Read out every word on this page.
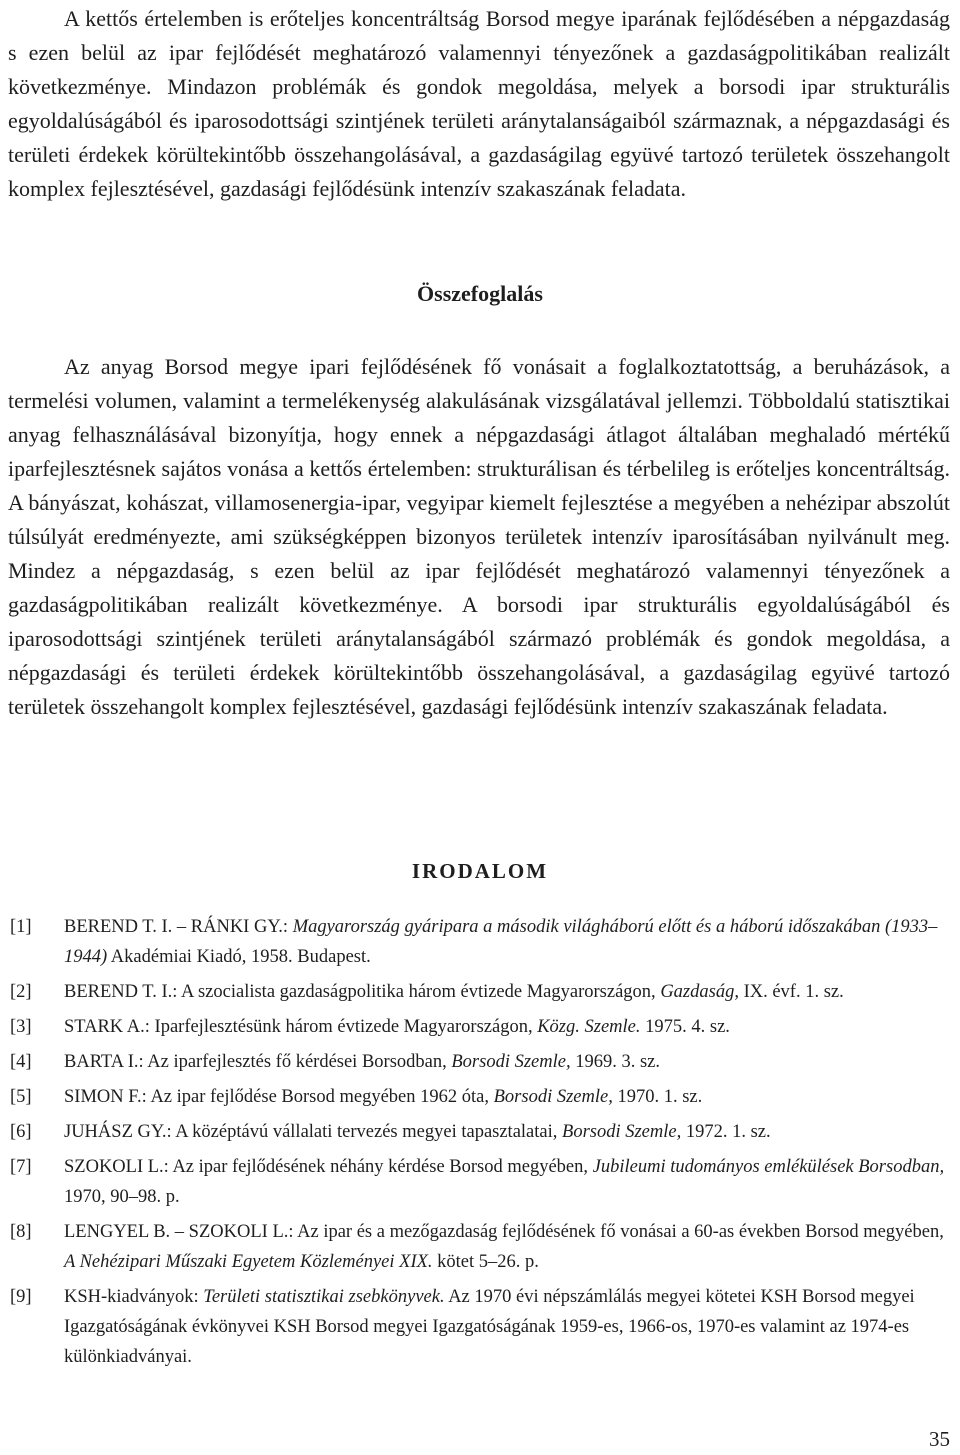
A kettős értelemben is erőteljes koncentráltság Borsod megye iparának fejlődésében a népgazdaság s ezen belül az ipar fejlődését meghatározó valamennyi tényezőnek a gazdaságpolitikában realizált következménye. Mindazon problémák és gondok megoldása, melyek a borsodi ipar strukturális egyoldalúságából és iparosodottsági szintjének területi aránytalanságaiból származnak, a népgazdasági és területi érdekek körültekintőbb összehangolásával, a gazdaságilag együvé tartozó területek összehangolt komplex fejlesztésével, gazdasági fejlődésünk intenzív szakaszának feladata.

Összefoglalás

Az anyag Borsod megye ipari fejlődésének fő vonásait a foglalkoztatottság, a beruházások, a termelési volumen, valamint a termelékenység alakulásának vizsgálatával jellemzi. Többoldalú statisztikai anyag felhasználásával bizonyítja, hogy ennek a népgazdasági átlagot általában meghaladó mértékű iparfejlesztésnek sajátos vonása a kettős értelemben: strukturálisan és térbelileg is erőteljes koncentráltság. A bányászat, kohászat, villamosenergia-ipar, vegyipar kiemelt fejlesztése a megyében a nehézipar abszolút túlsúlyát eredményezte, ami szükségképpen bizonyos területek intenzív iparosításában nyilvánult meg. Mindez a népgazdaság, s ezen belül az ipar fejlődését meghatározó valamennyi tényezőnek a gazdaságpolitikában realizált következménye. A borsodi ipar strukturális egyoldalúságából és iparosodottsági szintjének területi aránytalanságából származó problémák és gondok megoldása, a népgazdasági és területi érdekek körültekintőbb összehangolásával, a gazdaságilag együvé tartozó területek összehangolt komplex fejlesztésével, gazdasági fejlődésünk intenzív szakaszának feladata.

IRODALOM
[1] BEREND T. I. – RÁNKI GY.: Magyarország gyáripara a második világháború előtt és a háború időszakában (1933–1944) Akadémiai Kiadó, 1958. Budapest.
[2] BEREND T. I.: A szocialista gazdaságpolitika három évtizede Magyarországon, Gazdaság, IX. évf. 1. sz.
[3] STARK A.: Iparfejlesztésünk három évtizede Magyarországon, Közg. Szemle. 1975. 4. sz.
[4] BARTA I.: Az iparfejlesztés fő kérdései Borsodban, Borsodi Szemle, 1969. 3. sz.
[5] SIMON F.: Az ipar fejlődése Borsod megyében 1962 óta, Borsodi Szemle, 1970. 1. sz.
[6] JUHÁSZ GY.: A középtávú vállalati tervezés megyei tapasztalatai, Borsodi Szemle, 1972. 1. sz.
[7] SZOKOLI L.: Az ipar fejlődésének néhány kérdése Borsod megyében, Jubileumi tudományos emlékülések Borsodban, 1970, 90–98. p.
[8] LENGYEL B. – SZOKOLI L.: Az ipar és a mezőgazdaság fejlődésének fő vonásai a 60-as években Borsod megyében, A Nehézipari Műszaki Egyetem Közleményei XIX. kötet 5–26. p.
[9] KSH-kiadványok: Területi statisztikai zsebkönyvek. Az 1970 évi népszámlálás megyei kötetei KSH Borsod megyei Igazgatóságának évkönyvei KSH Borsod megyei Igazgatóságának 1959-es, 1966-os, 1970-es valamint az 1974-es különkiadványai.
35
